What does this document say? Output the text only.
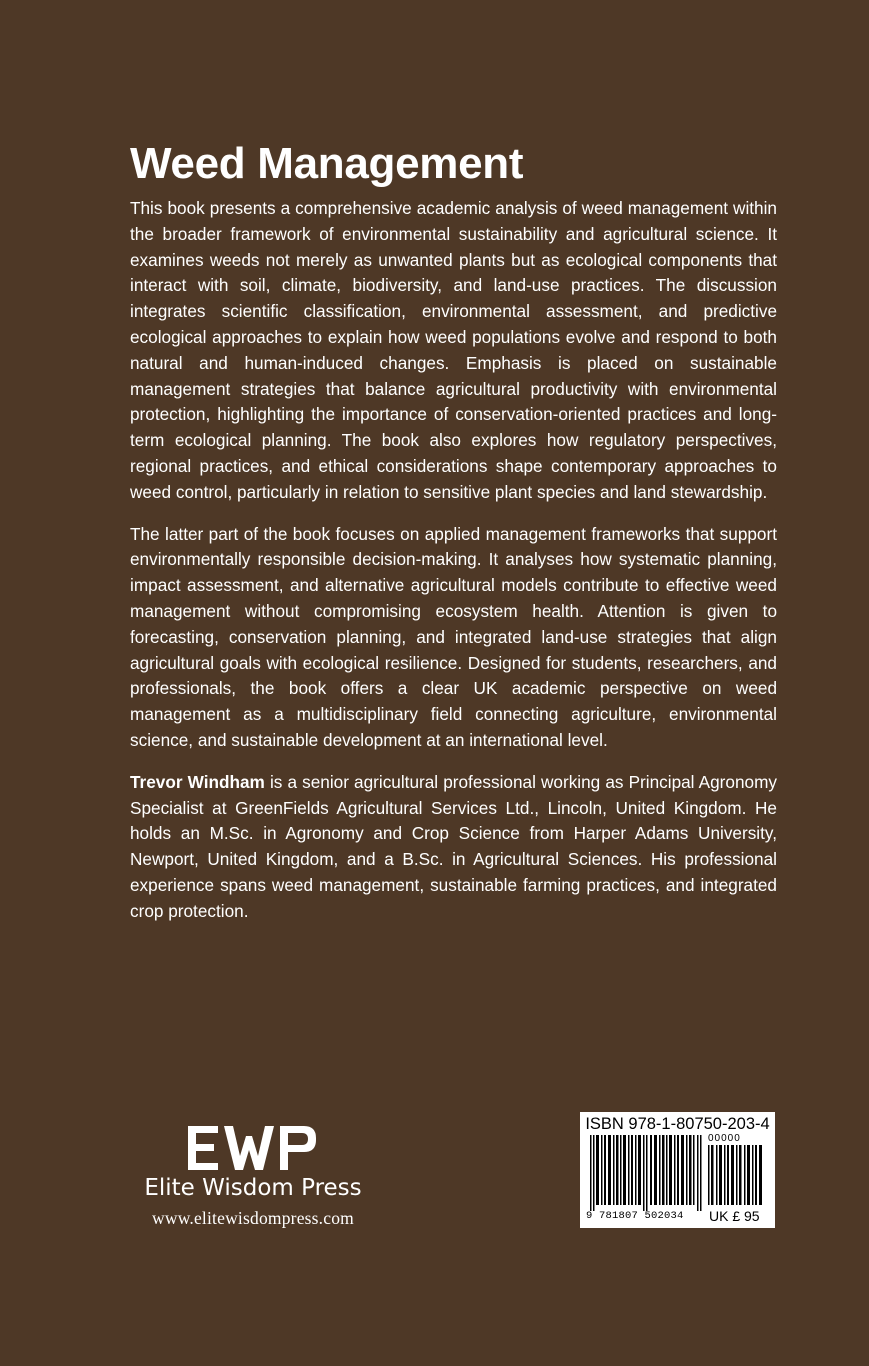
Weed Management

This book presents a comprehensive academic analysis of weed management within the broader framework of environmental sustainability and agricultural science. It examines weeds not merely as unwanted plants but as ecological components that interact with soil, climate, biodiversity, and land-use practices. The discussion integrates scientific classification, environmental assessment, and predictive ecological approaches to explain how weed populations evolve and respond to both natural and human-induced changes. Emphasis is placed on sustainable management strategies that balance agricultural productivity with environmental protection, highlighting the importance of conservation-oriented practices and long-term ecological planning. The book also explores how regulatory perspectives, regional practices, and ethical considerations shape contemporary approaches to weed control, particularly in relation to sensitive plant species and land stewardship.

The latter part of the book focuses on applied management frameworks that support environmentally responsible decision-making. It analyses how systematic planning, impact assessment, and alternative agricultural models contribute to effective weed management without compromising ecosystem health. Attention is given to forecasting, conservation planning, and integrated land-use strategies that align agricultural goals with ecological resilience. Designed for students, researchers, and professionals, the book offers a clear UK academic perspective on weed management as a multidisciplinary field connecting agriculture, environmental science, and sustainable development at an international level.

Trevor Windham is a senior agricultural professional working as Principal Agronomy Specialist at GreenFields Agricultural Services Ltd., Lincoln, United Kingdom. He holds an M.Sc. in Agronomy and Crop Science from Harper Adams University, Newport, United Kingdom, and a B.Sc. in Agricultural Sciences. His professional experience spans weed management, sustainable farming practices, and integrated crop protection.

Elite Wisdom Press
www.elitewisdompress.com
ISBN 978-1-80750-203-4
00000
9 781807 502034 UK £ 95
